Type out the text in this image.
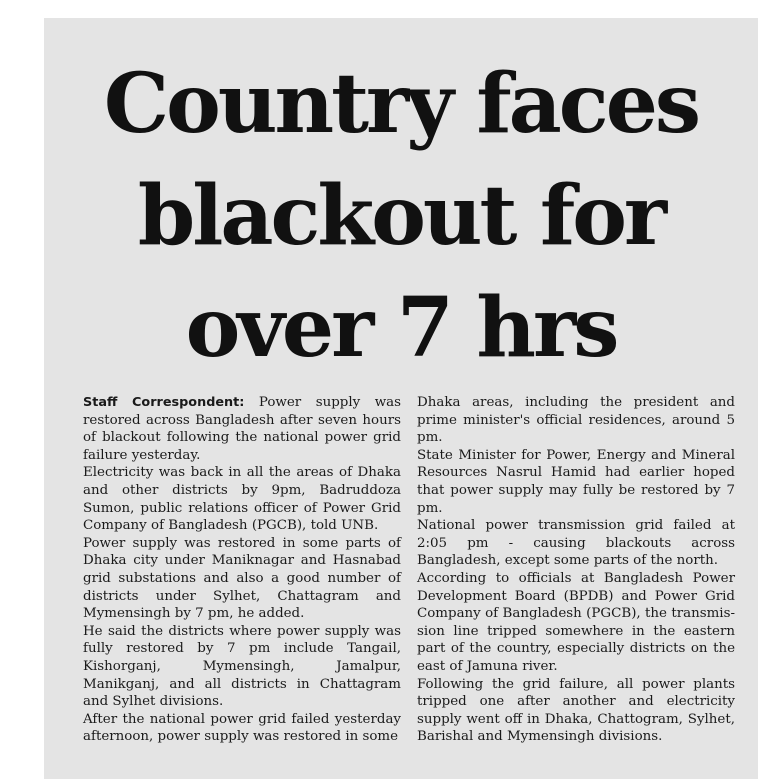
Country faces
blackout for
over 7 hrs

Staff Correspondent: Power supply was restored across Bangladesh after seven hours of blackout following the national power grid failure yesterday.

Electricity was back in all the areas of Dhaka and other districts by 9pm, Badruddoza Sumon, public relations officer of Power Grid Company of Bangladesh (PGCB), told UNB.

Power supply was restored in some parts of Dhaka city under Maniknagar and Hasnabad grid substations and also a good number of districts under Sylhet, Chattagram and Mymensingh by 7 pm, he added.

He said the districts where power supply was fully restored by 7 pm include Tangail, Kishorganj, Mymensingh, Jamalpur, Manikganj, and all districts in Chattagram and Sylhet divisions.

After the national power grid failed yesterday afternoon, power supply was restored in some

Dhaka areas, including the president and prime minister's official residences, around 5 pm.

State Minister for Power, Energy and Mineral Resources Nasrul Hamid had earlier hoped that power supply may fully be restored by 7 pm.

National power transmission grid failed at 2:05 pm - causing blackouts across Bangladesh, except some parts of the north.

According to officials at Bangladesh Power Development Board (BPDB) and Power Grid Company of Bangladesh (PGCB), the transmis-sion line tripped somewhere in the eastern part of the country, especially districts on the east of Jamuna river.

Following the grid failure, all power plants tripped one after another and electricity supply went off in Dhaka, Chattogram, Sylhet, Barishal and Mymensingh divisions.
